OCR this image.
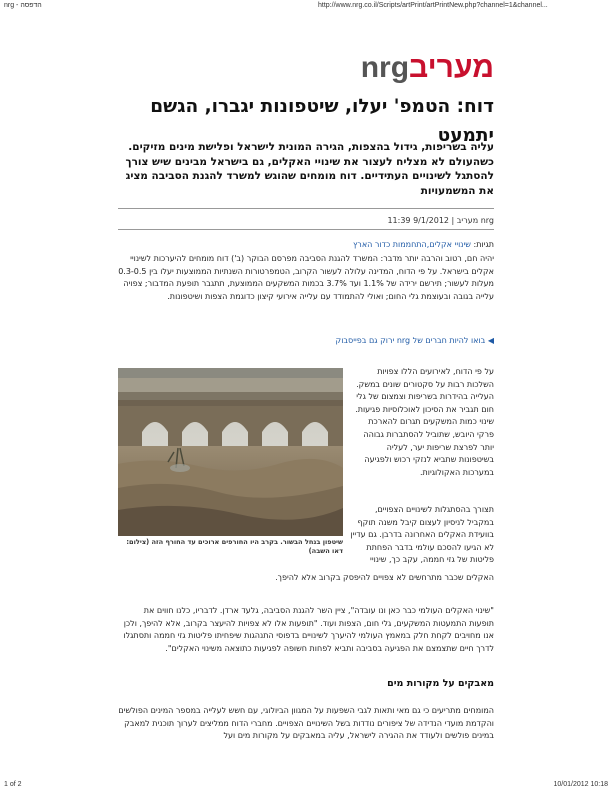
nrg - הדפסה	http://www.nrg.co.il/Scripts/artPrint/artPrintNew.php?channel=1&channel...
nrgמעריב
דוח: הטמפ' יעלו, שיטפונות יגברו, הגשם יתמעט

עליה בשריפות, גידול בהצפות, הגירה המונית לישראל ופלישת מינים מזיקים. כשהעולם לא מצליח לעצור את שינויי האקלים, גם בישראל מבינים שיש צורך להסתגל לשינויים העתידיים. דוח מומחים שהוגש למשרד להגנת הסביבה מציג את המשמעויות

nrg מעריב | 9/1/2012 11:39
תגיות: שינויי אקלים,התחממות כדור הארץ

יהיה חם, רטוב והרבה יותר מדבר: המשרד להגנת הסביבה מפרסם הבוקר (ב') דוח מומחים להיערכות לשינויי אקלים בישראל. על פי הדוח, המדינה עלולה לעשור הקרוב, הטמפרטורות השנתיות הממוצעות יעלו בין 0.3-0.5 מעלות לעשור; תירשם ירידה של 1.1% ועד 3.7% בכמות המשקעים הממוצעת, תתגבר תופעת המדבור; צפויה עלייה בגובה ובעוצמת גלי החום; ואולי להתמודד עם עלייה אירועי קיצון כדוגמת הצפות ושיטפונות.

◀ בואו להיות חברים של nrg ירוק גם בפייסבוק
שיטפון בנחל הבשור. בקרב היו החורפים ארוכים עד החורף הזה (צילום: דאו השבה)

על פי הדוח, לאירועים הללו צפויות השלכות רבות על סקטורים שונים במשק. העלייה בהידרות בשריפות וצמצום של גלי חום תגביר את הסיכון לאוכלוסיות פגיעות. שינוי כמות המשקעים תגרום להארכת פרקי היובש, שתוביל להסתברות גבוהה יותר לפרצת שריפות יער, לעליה בשיטפונות שתביא לנזקי רכוש ולפגיעה במערכות האקולוגיות.

תצורך בהסתגלות לשינויים הצפויים, במקביל לניסיון לעצום קיבל משנה תוקף בוועידת האקלים האחרונה בדרבן. גם עדיין לא הגיעו להסכם עולמי בדבר הפחתת פליטות של גזי חממה, עקב כך, שינויי

האקלים שכבר מתרחשים לא צפויים להיפסק בקרוב אלא להיפך.

"שינוי האקלים העולמי כבר כאן ונו עובדה", ציין השר להגנת הסביבה, גלעד ארדן. לדבריו, כלנו חווים את תופעות התמעטות המשקעים, גלי חום, הצפות ועוד. "תופעות אלו לא צפויות להיעצר בקרוב, אלא להיפך, ולכן אנו מחויבים לקחת חלק במאמץ העולמי להיערך לשינויים בדפוסי התנהגות שיפחיתו פליטות גזי חממה ותסתגלו לדרך חיים שתצמצם את הפגיעה בסביבה ותביא לפחות חשופה לפגיעות כתוצאה משינוי האקלים".

מאבקים על מקורות מים

המומחים מתריעים כי גם מאי ותאות לגבי השפעות על המגוון הביולוגי, עם חשש לעלייה במספר המינים הפולשים והקדמת מועדי הנדידה של ציפורים נודדות בשל השינויים הצפויים. מחברי הדוח ממליצים לערוך תוכנית למאבק במינים פולשים ולעודד את ההגירה לישראל, עליה במאבקים על מקורות מים ועל

1 of 2	10/01/2012 10:18
